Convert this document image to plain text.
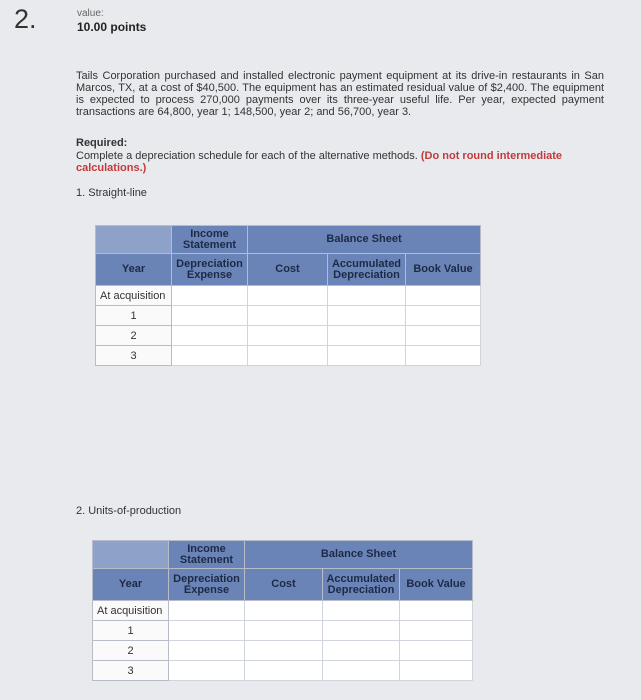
2.	value:
10.00 points

Tails Corporation purchased and installed electronic payment equipment at its drive-in restaurants in San Marcos, TX, at a cost of $40,500. The equipment has an estimated residual value of $2,400. The equipment is expected to process 270,000 payments over its three-year useful life. Per year, expected payment transactions are 64,800, year 1; 148,500, year 2; and 56,700, year 3.

Required:

Complete a depreciation schedule for each of the alternative methods. (Do not round intermediate calculations.)

1. Straight-line
	Income Statement	Balance Sheet		
Year	Depreciation Expense	Cost	Accumulated Depreciation	Book Value
At acquisition				
1				
2				
3				
2. Units-of-production
	Income Statement	Balance Sheet		
Year	Depreciation Expense	Cost	Accumulated Depreciation	Book Value
At acquisition				
1				
2				
3				
